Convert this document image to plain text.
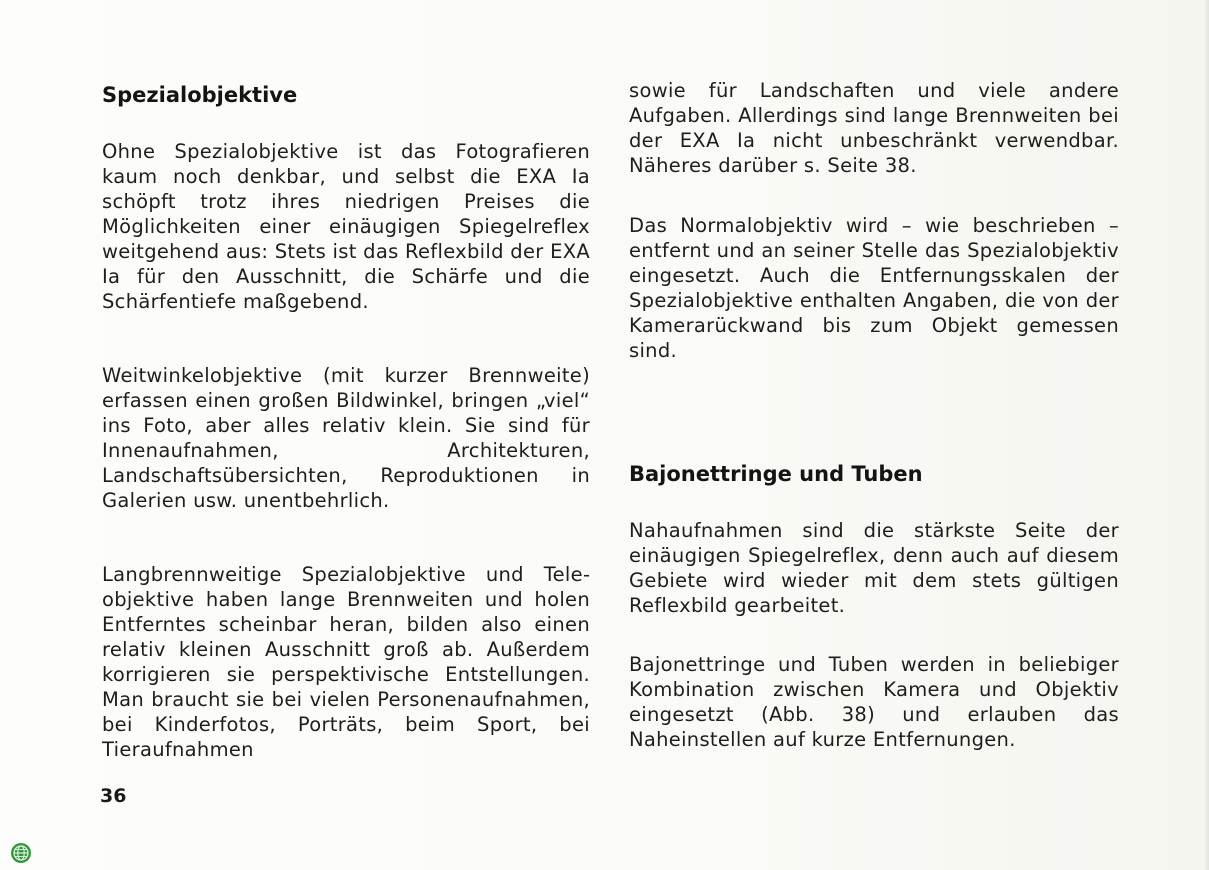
Spezialobjektive

Ohne Spezialobjektive ist das Fotografieren kaum noch denkbar, und selbst die EXA Ia schöpft trotz ihres niedrigen Preises die Möglichkeiten einer einäugigen Spiegelreflex weitgehend aus: Stets ist das Reflexbild der EXA Ia für den Ausschnitt, die Schärfe und die Schärfentiefe maßgebend.

Weitwinkelobjektive (mit kurzer Brennweite) erfassen einen großen Bildwinkel, bringen „viel“ ins Foto, aber alles relativ klein. Sie sind für Innenaufnahmen, Architekturen, Landschaftsübersichten, Reproduktionen in Galerien usw. unentbehrlich.

Langbrennweitige Spezialobjektive und Teleobjektive haben lange Brennweiten und holen Entferntes scheinbar heran, bilden also einen relativ kleinen Ausschnitt groß ab. Außerdem korrigieren sie perspektivische Entstellungen. Man braucht sie bei vielen Personenaufnahmen, bei Kinderfotos, Porträts, beim Sport, bei Tieraufnahmen

sowie für Landschaften und viele andere Aufgaben. Allerdings sind lange Brennweiten bei der EXA Ia nicht unbeschränkt verwendbar. Näheres darüber s. Seite 38.

Das Normalobjektiv wird – wie beschrieben – entfernt und an seiner Stelle das Spezialobjektiv eingesetzt. Auch die Entfernungsskalen der Spezialobjektive enthalten Angaben, die von der Kamerarückwand bis zum Objekt gemessen sind.

Bajonettringe und Tuben

Nahaufnahmen sind die stärkste Seite der einäugigen Spiegelreflex, denn auch auf diesem Gebiete wird wieder mit dem stets gültigen Reflexbild gearbeitet.

Bajonettringe und Tuben werden in beliebiger Kombination zwischen Kamera und Objektiv eingesetzt (Abb. 38) und erlauben das Naheinstellen auf kurze Entfernungen.

36
